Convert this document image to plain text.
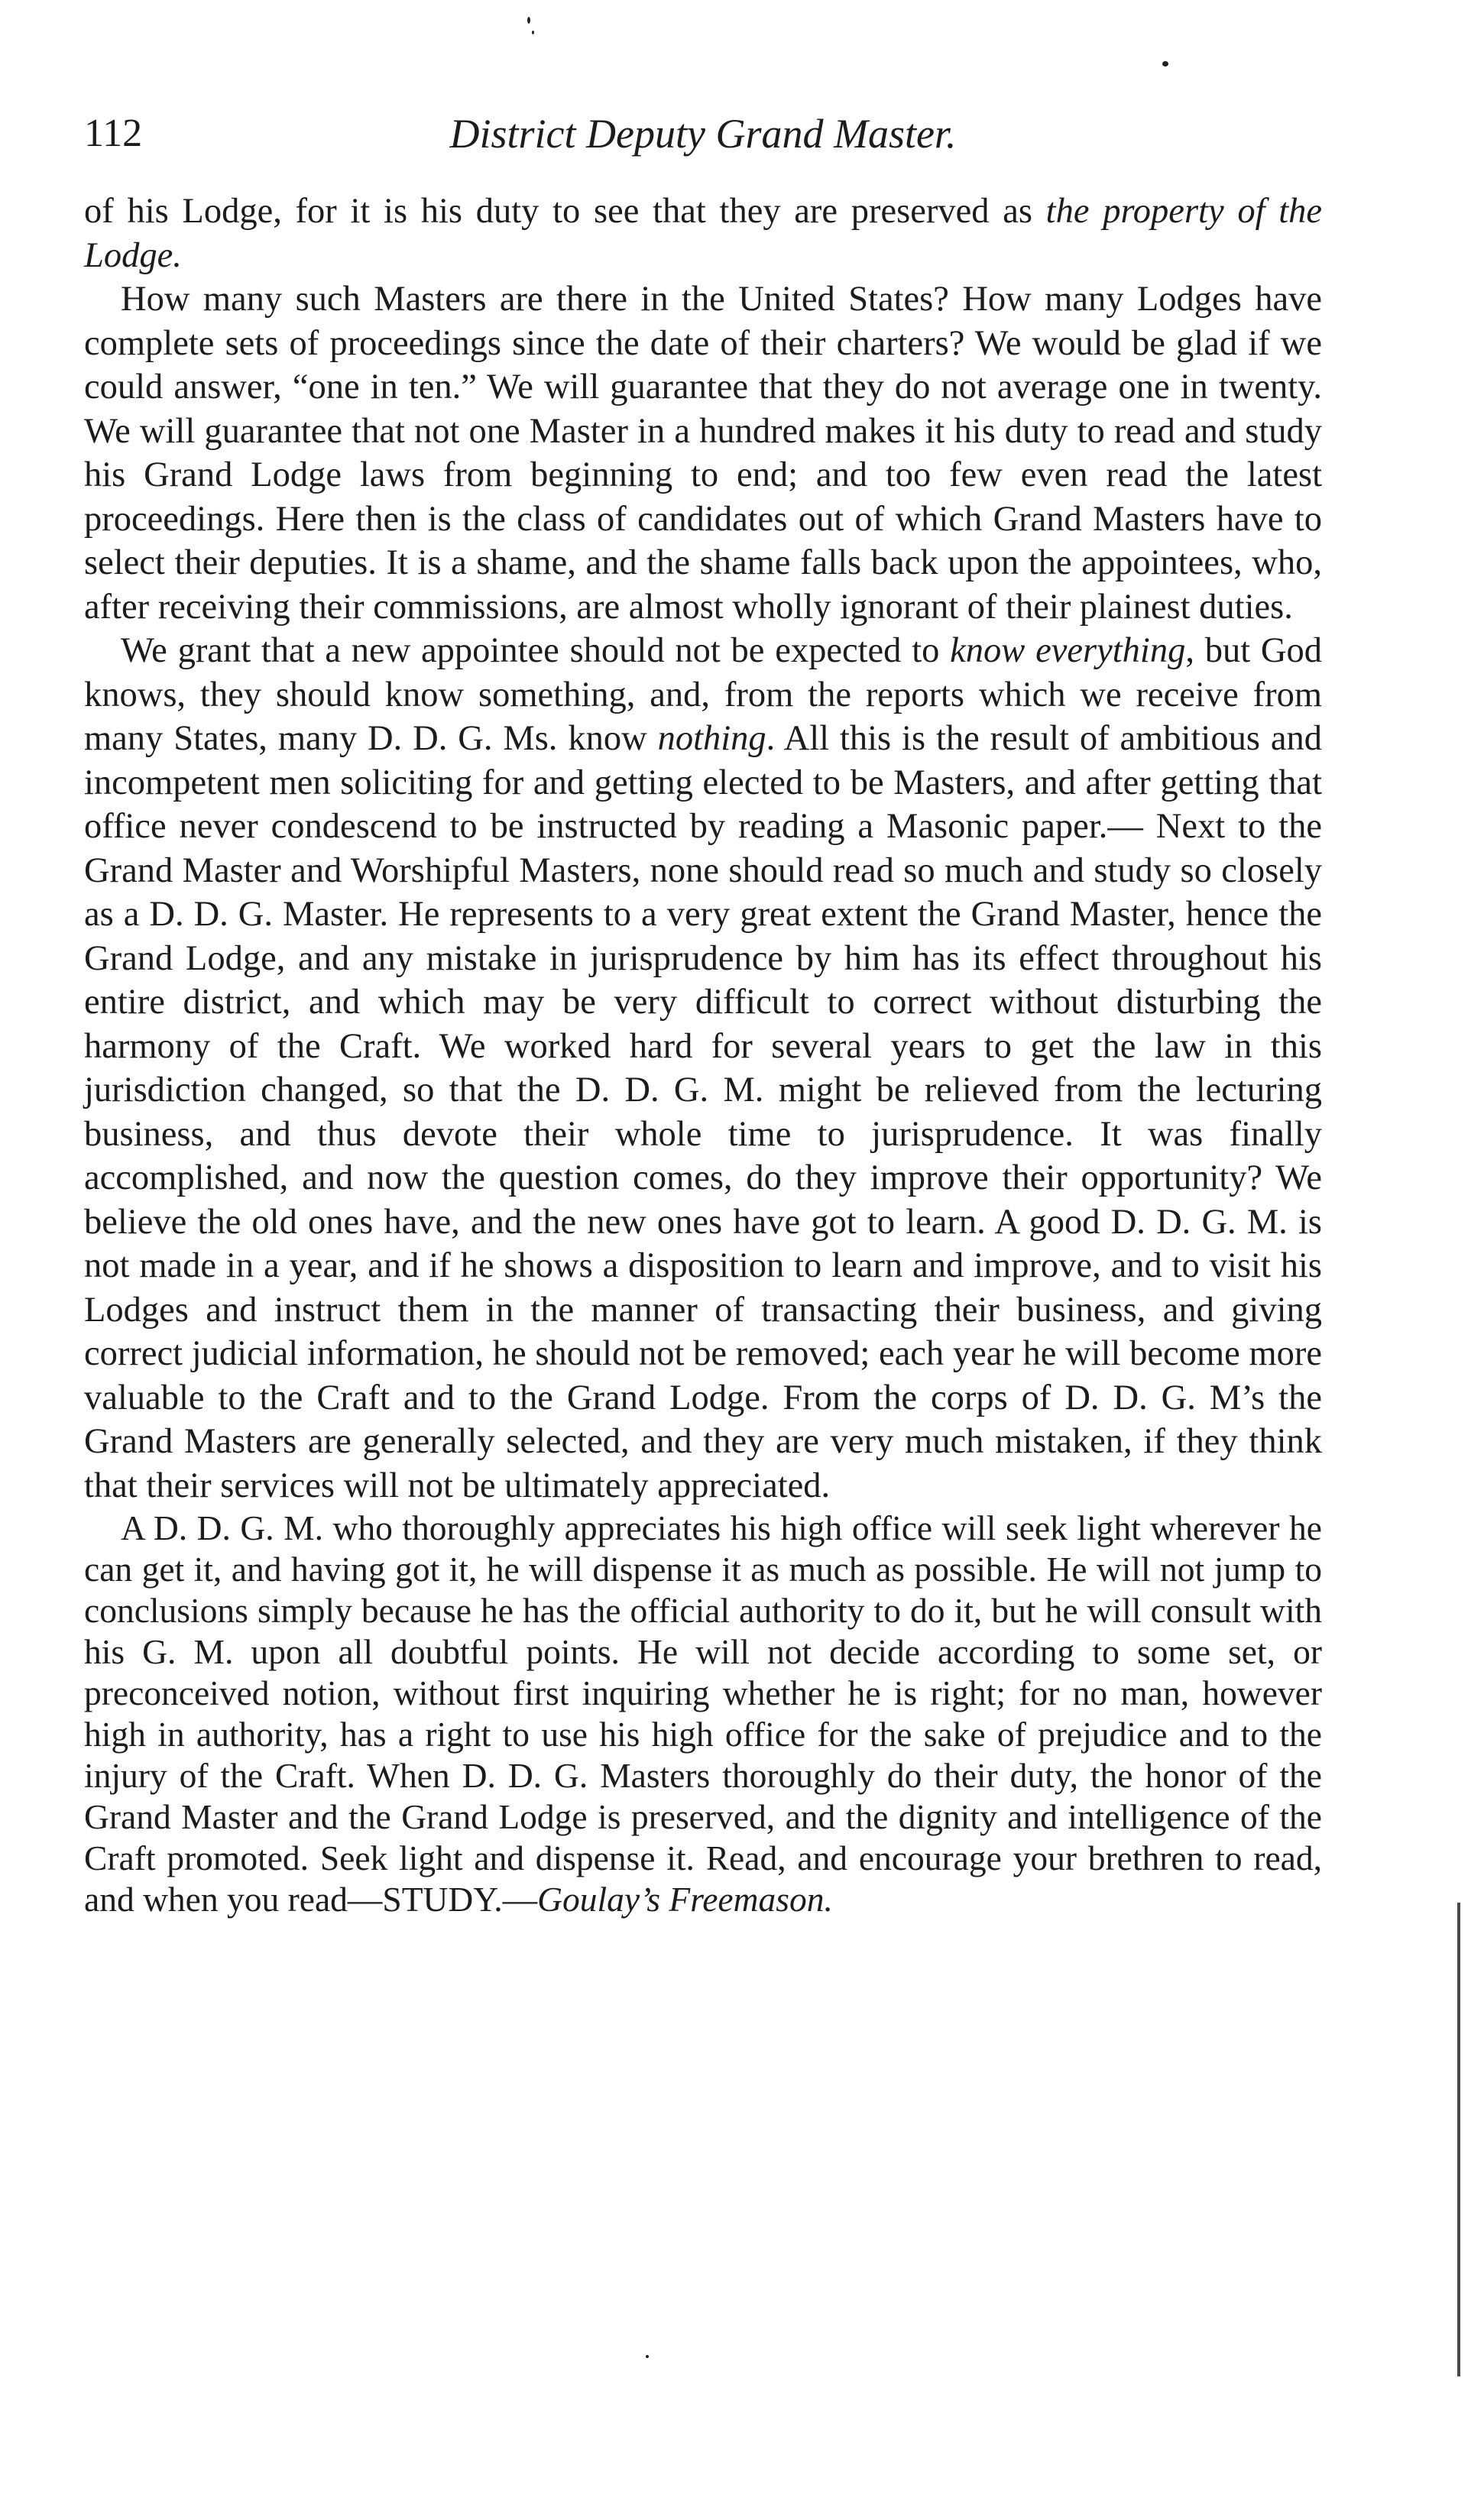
112	District Deputy Grand Master.

of his Lodge, for it is his duty to see that they are preserved as the property of the Lodge.

How many such Masters are there in the United States? How many Lodges have complete sets of proceedings since the date of their charters? We would be glad if we could answer, “one in ten.” We will guarantee that they do not average one in twenty. We will guarantee that not one Master in a hundred makes it his duty to read and study his Grand Lodge laws from beginning to end; and too few even read the latest proceedings. Here then is the class of candidates out of which Grand Masters have to select their deputies. It is a shame, and the shame falls back upon the appointees, who, after receiving their commissions, are almost wholly ignorant of their plainest duties.

We grant that a new appointee should not be expected to know everything, but God knows, they should know something, and, from the reports which we receive from many States, many D. D. G. Ms. know nothing. All this is the result of ambitious and incompetent men soliciting for and getting elected to be Masters, and after getting that office never condescend to be instructed by reading a Masonic paper.— Next to the Grand Master and Worshipful Masters, none should read so much and study so closely as a D. D. G. Master. He represents to a very great extent the Grand Master, hence the Grand Lodge, and any mistake in jurisprudence by him has its effect throughout his entire district, and which may be very difficult to correct without disturbing the harmony of the Craft. We worked hard for several years to get the law in this jurisdiction changed, so that the D. D. G. M. might be relieved from the lecturing business, and thus devote their whole time to jurisprudence. It was finally accomplished, and now the question comes, do they improve their opportunity? We believe the old ones have, and the new ones have got to learn. A good D. D. G. M. is not made in a year, and if he shows a disposition to learn and improve, and to visit his Lodges and instruct them in the manner of transacting their business, and giving correct judicial information, he should not be removed; each year he will become more valuable to the Craft and to the Grand Lodge. From the corps of D. D. G. M’s the Grand Masters are generally selected, and they are very much mistaken, if they think that their services will not be ultimately appreciated.

A D. D. G. M. who thoroughly appreciates his high office will seek light wherever he can get it, and having got it, he will dispense it as much as possible. He will not jump to conclusions simply because he has the official authority to do it, but he will consult with his G. M. upon all doubtful points. He will not decide according to some set, or preconceived notion, without first inquiring whether he is right; for no man, however high in authority, has a right to use his high office for the sake of prejudice and to the injury of the Craft. When D. D. G. Masters thoroughly do their duty, the honor of the Grand Master and the Grand Lodge is preserved, and the dignity and intelligence of the Craft promoted. Seek light and dispense it. Read, and encourage your brethren to read, and when you read—STUDY.—Goulay’s Freemason.
